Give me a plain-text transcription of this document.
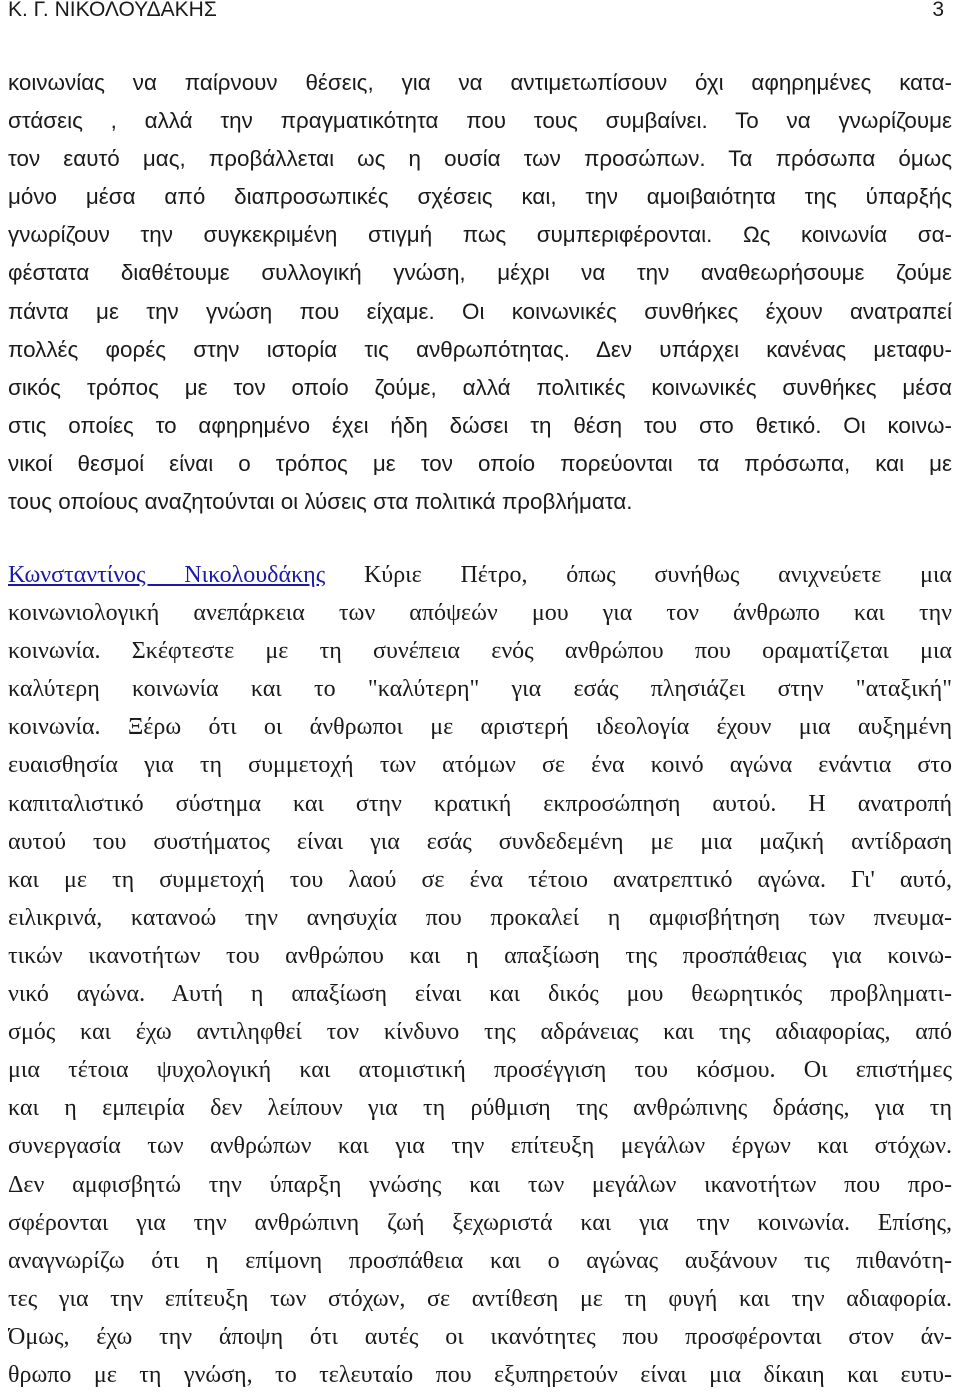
Κ. Γ. ΝΙΚΟΛΟΥΔΑΚΗΣ	3
κοινωνίας να παίρνουν θέσεις, για να αντιμετωπίσουν όχι αφηρημένες κατα-
στάσεις , αλλά την πραγματικότητα που τους συμβαίνει. Το να γνωρίζουμε
τον εαυτό μας, προβάλλεται ως η ουσία των προσώπων. Τα πρόσωπα όμως
μόνο μέσα από διαπροσωπικές σχέσεις και, την αμοιβαιότητα της ύπαρξής
γνωρίζουν την συγκεκριμένη στιγμή πως συμπεριφέρονται. Ως κοινωνία σα-
φέστατα διαθέτουμε συλλογική γνώση, μέχρι να την αναθεωρήσουμε ζούμε
πάντα με την γνώση που είχαμε. Οι κοινωνικές συνθήκες έχουν ανατραπεί
πολλές φορές στην ιστορία τις ανθρωπότητας. Δεν υπάρχει κανένας μεταφυ-
σικός τρόπος με τον οποίο ζούμε, αλλά πολιτικές κοινωνικές συνθήκες μέσα
στις οποίες το αφηρημένο έχει ήδη δώσει τη θέση του στο θετικό. Οι κοινω-
νικοί θεσμοί είναι ο τρόπος με τον οποίο πορεύονται τα πρόσωπα, και με
τους οποίους αναζητούνται οι λύσεις στα πολιτικά προβλήματα.
Κωνσταντίνος Νικολουδάκης Κύριε Πέτρο, όπως συνήθως ανιχνεύετε μια
κοινωνιολογική ανεπάρκεια των απόψεών μου για τον άνθρωπο και την
κοινωνία. Σκέφτεστε με τη συνέπεια ενός ανθρώπου που οραματίζεται μια
καλύτερη κοινωνία και το "καλύτερη" για εσάς πλησιάζει στην "αταξική"
κοινωνία. Ξέρω ότι οι άνθρωποι με αριστερή ιδεολογία έχουν μια αυξημένη
ευαισθησία για τη συμμετοχή των ατόμων σε ένα κοινό αγώνα ενάντια στο
καπιταλιστικό σύστημα και στην κρατική εκπροσώπηση αυτού. Η ανατροπή
αυτού του συστήματος είναι για εσάς συνδεδεμένη με μια μαζική αντίδραση
και με τη συμμετοχή του λαού σε ένα τέτοιο ανατρεπτικό αγώνα. Γι' αυτό,
ειλικρινά, κατανοώ την ανησυχία που προκαλεί η αμφισβήτηση των πνευμα-
τικών ικανοτήτων του ανθρώπου και η απαξίωση της προσπάθειας για κοινω-
νικό αγώνα. Αυτή η απαξίωση είναι και δικός μου θεωρητικός προβληματι-
σμός και έχω αντιληφθεί τον κίνδυνο της αδράνειας και της αδιαφορίας, από
μια τέτοια ψυχολογική και ατομιστική προσέγγιση του κόσμου. Οι επιστήμες
και η εμπειρία δεν λείπουν για τη ρύθμιση της ανθρώπινης δράσης, για τη
συνεργασία των ανθρώπων και για την επίτευξη μεγάλων έργων και στόχων.
Δεν αμφισβητώ την ύπαρξη γνώσης και των μεγάλων ικανοτήτων που προ-
σφέρονται για την ανθρώπινη ζωή ξεχωριστά και για την κοινωνία. Επίσης,
αναγνωρίζω ότι η επίμονη προσπάθεια και ο αγώνας αυξάνουν τις πιθανότη-
τες για την επίτευξη των στόχων, σε αντίθεση με τη φυγή και την αδιαφορία.
Όμως, έχω την άποψη ότι αυτές οι ικανότητες που προσφέρονται στον άν-
θρωπο με τη γνώση, το τελευταίο που εξυπηρετούν είναι μια δίκαιη και ευτυ-
